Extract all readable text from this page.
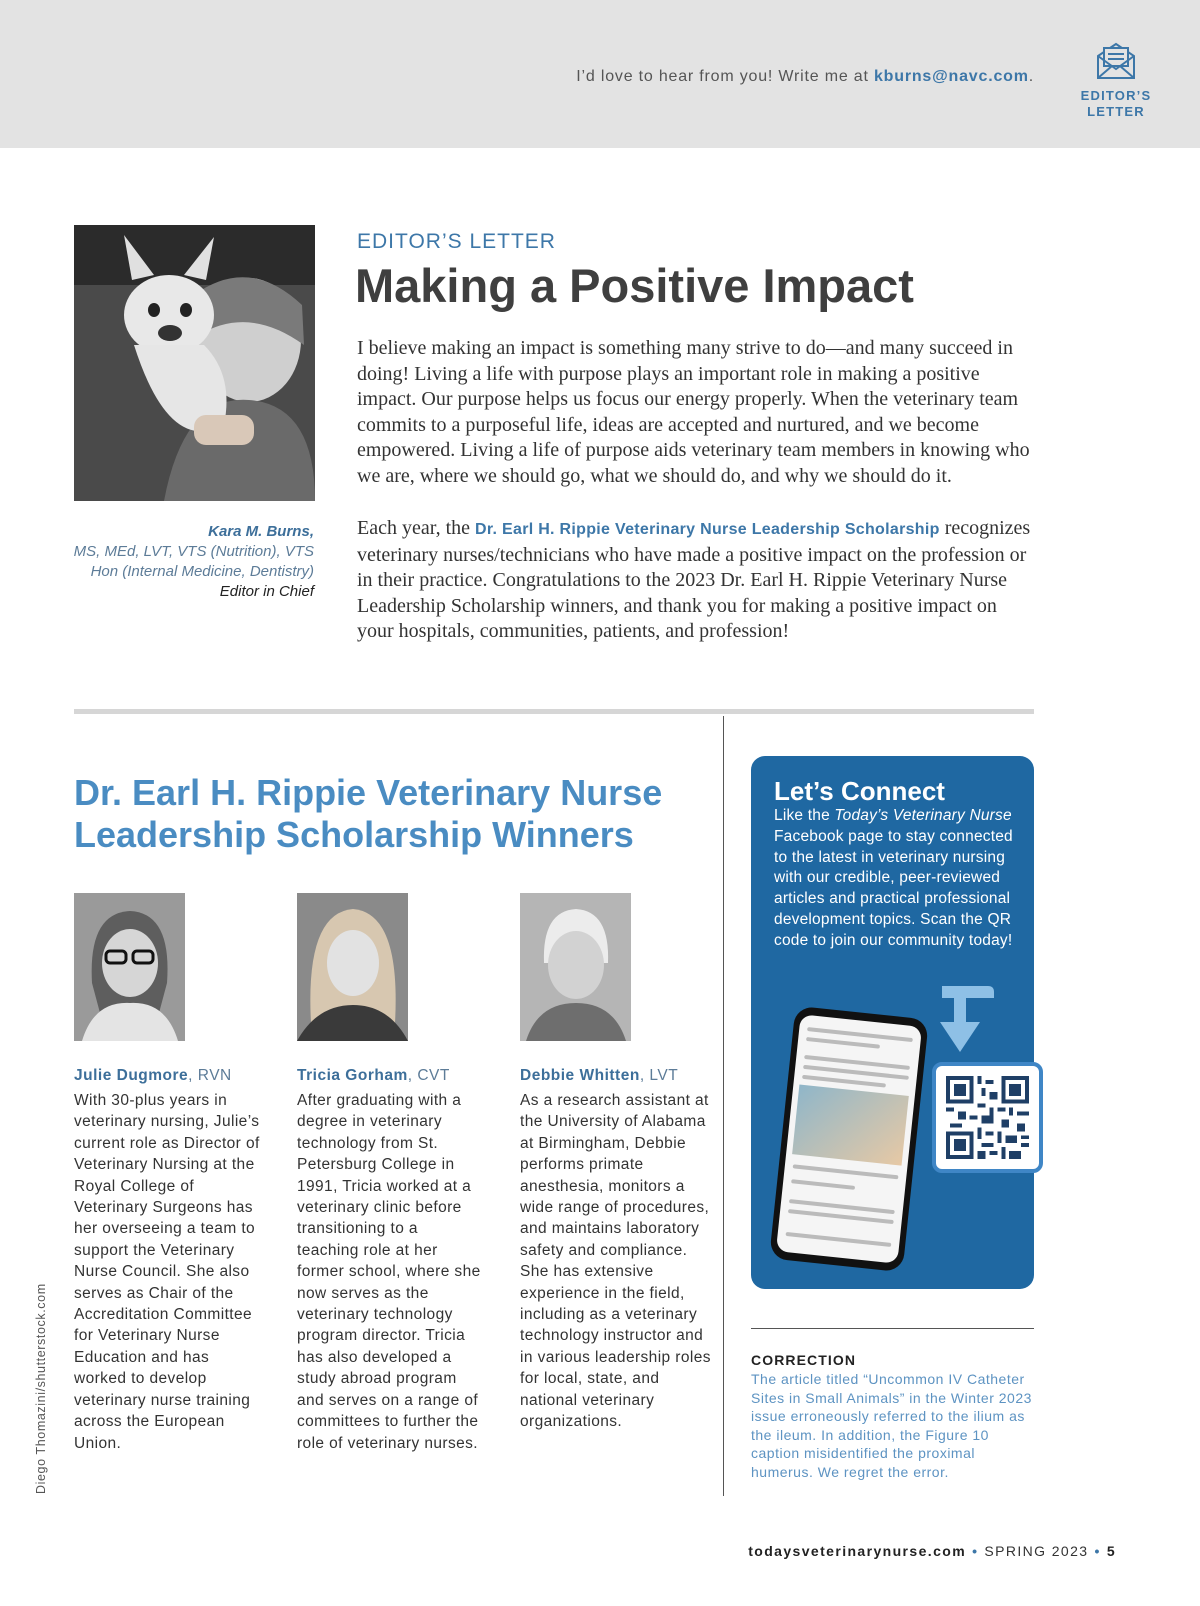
I’d love to hear from you! Write me at kburns@navc.com.
EDITOR’S LETTER
Kara M. Burns,
MS, MEd, LVT, VTS (Nutrition), VTS Hon (Internal Medicine, Dentistry)
Editor in Chief
EDITOR’S LETTER
Making a Positive Impact

I believe making an impact is something many strive to do—and many succeed in doing! Living a life with purpose plays an important role in making a positive impact. Our purpose helps us focus our energy properly. When the veterinary team commits to a purposeful life, ideas are accepted and nurtured, and we become empowered. Living a life of purpose aids veterinary team members in knowing who we are, where we should go, what we should do, and why we should do it.

Each year, the Dr. Earl H. Rippie Veterinary Nurse Leadership Scholarship recognizes veterinary nurses/technicians who have made a positive impact on the profession or in their practice. Congratulations to the 2023 Dr. Earl H. Rippie Veterinary Nurse Leadership Scholarship winners, and thank you for making a positive impact on your hospitals, communities, patients, and profession!

Dr. Earl H. Rippie Veterinary Nurse Leadership Scholarship Winners
Julie Dugmore, RVN	Tricia Gorham, CVT	Debbie Whitten, LVT

With 30-plus years in veterinary nursing, Julie’s current role as Director of Veterinary Nursing at the Royal College of Veterinary Surgeons has her overseeing a team to support the Veterinary Nurse Council. She also serves as Chair of the Accreditation Committee for Veterinary Nurse Education and has worked to develop veterinary nurse training across the European Union.

After graduating with a degree in veterinary technology from St. Petersburg College in 1991, Tricia worked at a veterinary clinic before transitioning to a teaching role at her former school, where she now serves as the veterinary technology program director. Tricia has also developed a study abroad program and serves on a range of committees to further the role of veterinary nurses.

As a research assistant at the University of Alabama at Birmingham, Debbie performs primate anesthesia, monitors a wide range of procedures, and maintains laboratory safety and compliance. She has extensive experience in the field, including as a veterinary technology instructor and in various leadership roles for local, state, and national veterinary organizations.

Diego Thomazini/shutterstock.com
Let’s Connect

Like the Today’s Veterinary Nurse Facebook page to stay connected to the latest in veterinary nursing with our credible, peer-reviewed articles and practical professional development topics. Scan the QR code to join our community today!

CORRECTION

The article titled “Uncommon IV Catheter Sites in Small Animals” in the Winter 2023 issue erroneously referred to the ilium as the ileum. In addition, the Figure 10 caption misidentified the proximal humerus. We regret the error.

todaysveterinarynurse.com • SPRING 2023 • 5
